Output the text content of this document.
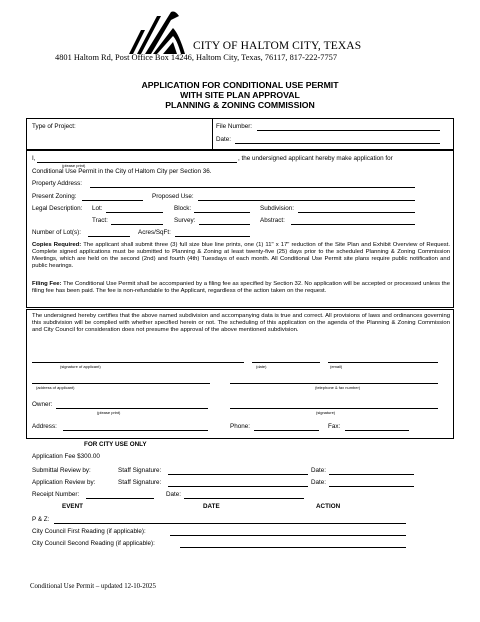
CITY OF HALTOM CITY, TEXAS
4801 Haltom Rd, Post Office Box 14246, Haltom City, Texas, 76117, 817-222-7757
APPLICATION FOR CONDITIONAL USE PERMIT
WITH SITE PLAN APPROVAL
PLANNING & ZONING COMMISSION
Type of Project:	File Number:
Date:
I,	, the undersigned applicant hereby make application for
(please print)
Conditional Use Permit in the City of Haltom City per Section 36.
Property Address:
Present Zoning:	Proposed Use:
Legal Description: Lot:	Block:	Subdivision:
Tract:	Survey:	Abstract:
Number of Lot(s):	Acres/SqFt:
Copies Required: The applicant shall submit three (3) full size blue line prints, one (1) 11" x 17" reduction of the Site Plan and Exhibit Overview of Request. Complete signed applications must be submitted to Planning & Zoning at least twenty-five (25) days prior to the scheduled Planning & Zoning Commission Meetings, which are held on the second (2nd) and fourth (4th) Tuesdays of each month. All Conditional Use Permit site plans require public notification and public hearings.
Filing Fee: The Conditional Use Permit shall be accompanied by a filing fee as specified by Section 32. No application will be accepted or processed unless the filing fee has been paid. The fee is non-refundable to the Applicant, regardless of the action taken on the request.
The undersigned hereby certifies that the above named subdivision and accompanying data is true and correct. All provisions of laws and ordinances governing this subdivision will be complied with whether specified herein or not. The scheduling of this application on the agenda of the Planning & Zoning Commission and City Council for consideration does not presume the approval of the above mentioned subdivision.
(signature of applicant)	(date)	(email)
(address of applicant)	(telephone & fax number)
Owner:
(please print)	(signature)
Address:	Phone:	Fax:
FOR CITY USE ONLY
Application Fee $300.00
Submittal Review by:	Staff Signature:	Date:
Application Review by:	Staff Signature:	Date:
Receipt Number:	Date:
EVENT	DATE	ACTION
P & Z:
City Council First Reading (if applicable):
City Council Second Reading (if applicable):
Conditional Use Permit – updated 12-10-2025
